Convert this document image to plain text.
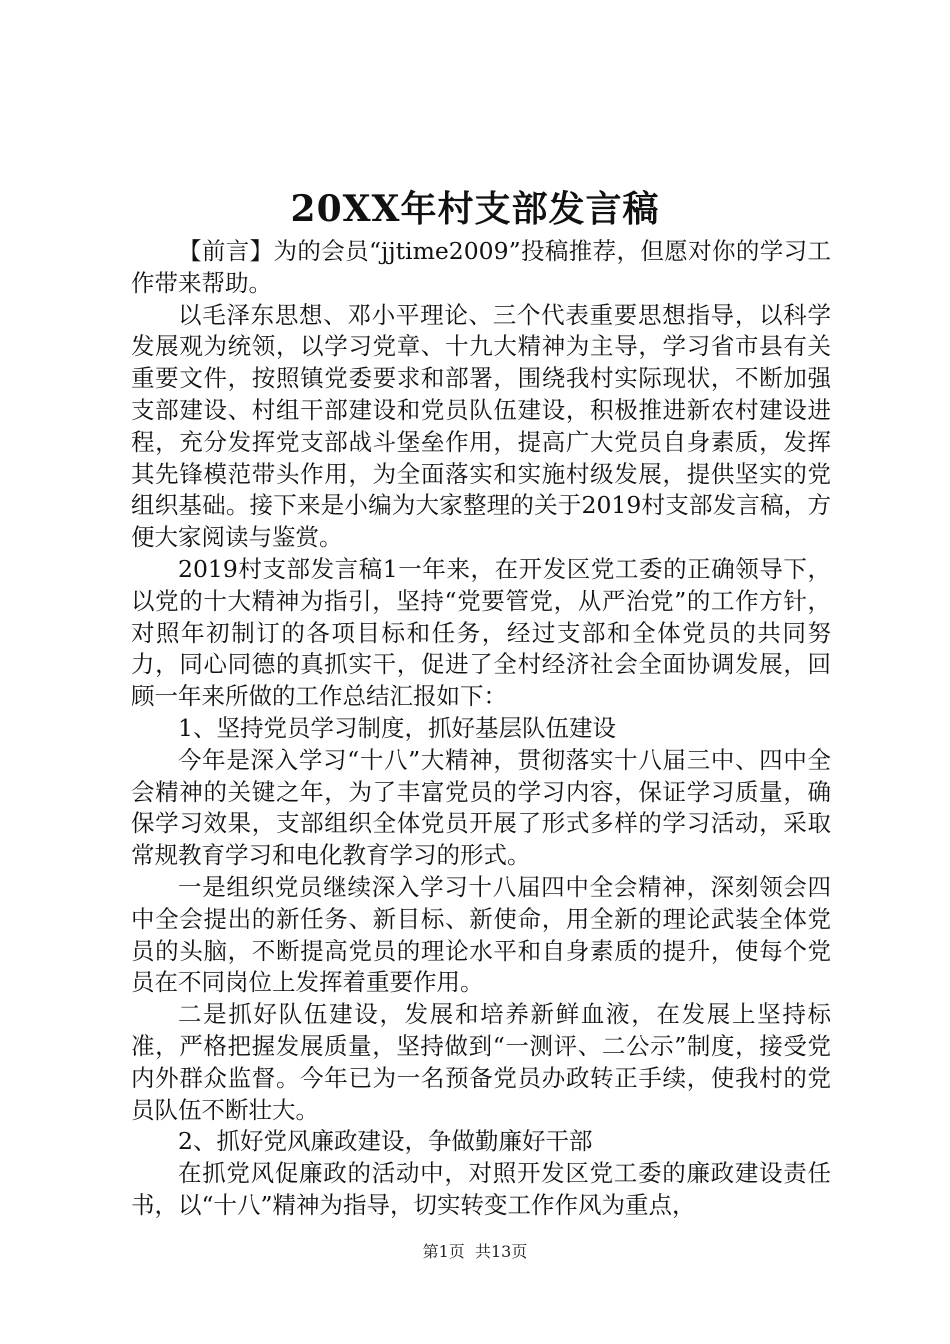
20XX年村支部发言稿

【前言】为的会员“jjtime2009”投稿推荐，但愿对你的学习工作带来帮助。

以毛泽东思想、邓小平理论、三个代表重要思想指导，以科学发展观为统领，以学习党章、十九大精神为主导，学习省市县有关重要文件，按照镇党委要求和部署，围绕我村实际现状，不断加强支部建设、村组干部建设和党员队伍建设，积极推进新农村建设进程，充分发挥党支部战斗堡垒作用，提高广大党员自身素质，发挥其先锋模范带头作用，为全面落实和实施村级发展，提供坚实的党组织基础。接下来是小编为大家整理的关于2019村支部发言稿，方便大家阅读与鉴赏。

2019村支部发言稿1一年来，在开发区党工委的正确领导下，以党的十大精神为指引，坚持“党要管党，从严治党”的工作方针，对照年初制订的各项目标和任务，经过支部和全体党员的共同努力，同心同德的真抓实干，促进了全村经济社会全面协调发展，回顾一年来所做的工作总结汇报如下：

1、坚持党员学习制度，抓好基层队伍建设

今年是深入学习“十八”大精神，贯彻落实十八届三中、四中全会精神的关键之年，为了丰富党员的学习内容，保证学习质量，确保学习效果，支部组织全体党员开展了形式多样的学习活动，采取常规教育学习和电化教育学习的形式。

一是组织党员继续深入学习十八届四中全会精神，深刻领会四中全会提出的新任务、新目标、新使命，用全新的理论武装全体党员的头脑，不断提高党员的理论水平和自身素质的提升，使每个党员在不同岗位上发挥着重要作用。

二是抓好队伍建设，发展和培养新鲜血液，在发展上坚持标准，严格把握发展质量，坚持做到“一测评、二公示”制度，接受党内外群众监督。今年已为一名预备党员办政转正手续，使我村的党员队伍不断壮大。

2、抓好党风廉政建设，争做勤廉好干部

在抓党风促廉政的活动中，对照开发区党工委的廉政建设责任书，以“十八”精神为指导，切实转变工作作风为重点，

第1页 共13页
